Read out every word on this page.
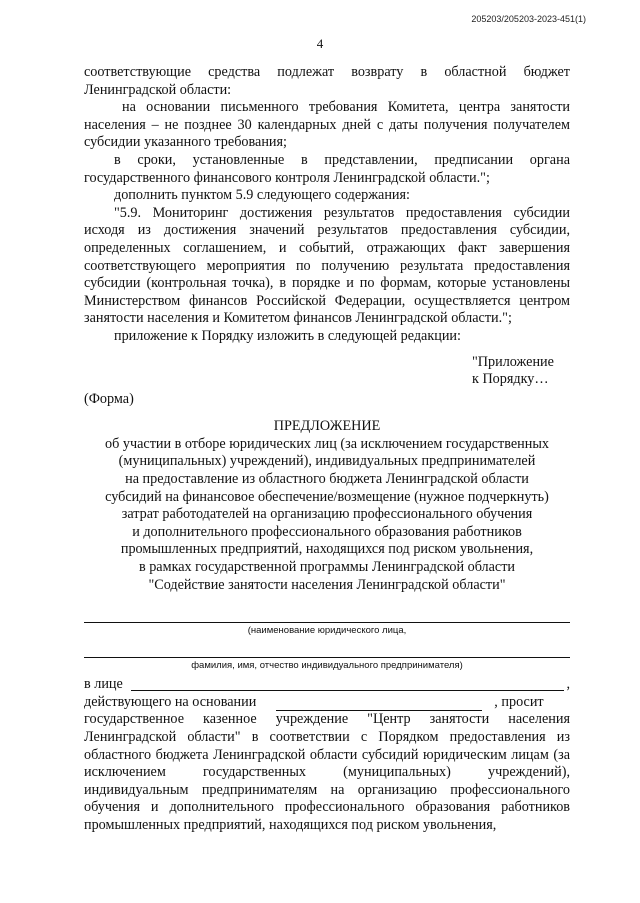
205203/205203-2023-451(1)
4

соответствующие средства подлежат возврату в областной бюджет Ленинградской области:

на основании письменного требования Комитета, центра занятости населения – не позднее 30 календарных дней с даты получения получателем субсидии указанного требования;

в сроки, установленные в представлении, предписании органа государственного финансового контроля Ленинградской области.";

дополнить пунктом 5.9 следующего содержания:

"5.9. Мониторинг достижения результатов предоставления субсидии исходя из достижения значений результатов предоставления субсидии, определенных соглашением, и событий, отражающих факт завершения соответствующего мероприятия по получению результата предоставления субсидии (контрольная точка), в порядке и по формам, которые установлены Министерством финансов Российской Федерации, осуществляется центром занятости населения и Комитетом финансов Ленинградской области.";

приложение к Порядку изложить в следующей редакции:

"Приложение
к Порядку…
(Форма)
ПРЕДЛОЖЕНИЕ

об участии в отборе юридических лиц (за исключением государственных

(муниципальных) учреждений), индивидуальных предпринимателей

на предоставление из областного бюджета Ленинградской области

субсидий на финансовое обеспечение/возмещение (нужное подчеркнуть)

затрат работодателей на организацию профессионального обучения

и дополнительного профессионального образования работников

промышленных предприятий, находящихся под риском увольнения,

в рамках государственной программы Ленинградской области

"Содействие занятости населения Ленинградской области"

(наименование юридического лица,
фамилия, имя, отчество индивидуального предпринимателя)
в лице	,
действующего на основании	, просит

государственное казенное учреждение "Центр занятости населения Ленинградской области" в соответствии с Порядком предоставления из областного бюджета Ленинградской области субсидий юридическим лицам (за исключением государственных (муниципальных) учреждений), индивидуальным предпринимателям на организацию профессионального обучения и дополнительного профессионального образования работников промышленных предприятий, находящихся под риском увольнения,
